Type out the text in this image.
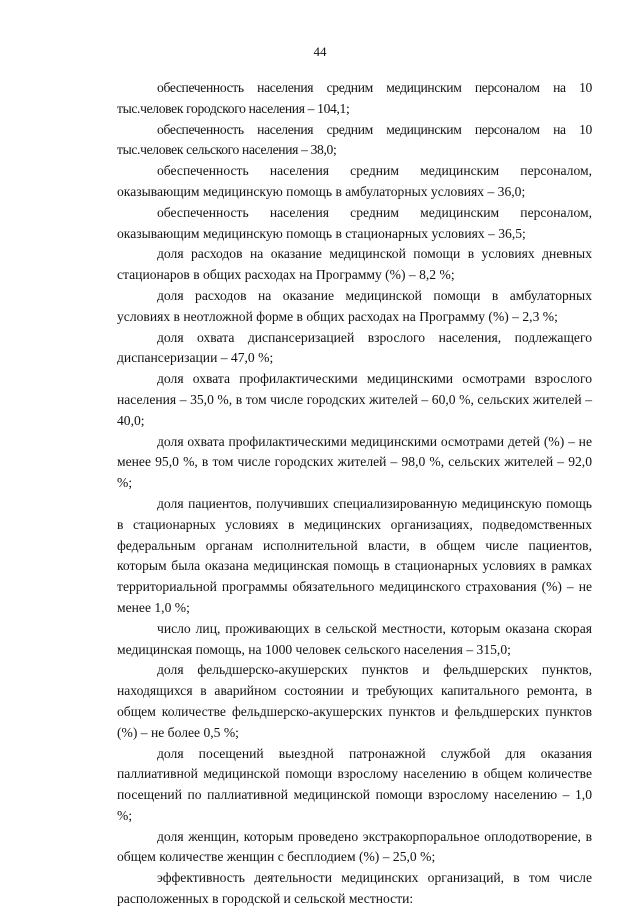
44

обеспеченность населения средним медицинским персоналом на 10 тыс.человек городского населения – 104,1;

обеспеченность населения средним медицинским персоналом на 10 тыс.человек сельского населения – 38,0;

обеспеченность населения средним медицинским персоналом, оказывающим медицинскую помощь в амбулаторных условиях – 36,0;

обеспеченность населения средним медицинским персоналом, оказывающим медицинскую помощь в стационарных условиях – 36,5;

доля расходов на оказание медицинской помощи в условиях дневных стационаров в общих расходах на Программу (%) – 8,2 %;

доля расходов на оказание медицинской помощи в амбулаторных условиях в неотложной форме в общих расходах на Программу (%) – 2,3 %;

доля охвата диспансеризацией взрослого населения, подлежащего диспансеризации – 47,0 %;

доля охвата профилактическими медицинскими осмотрами взрослого населения – 35,0 %, в том числе городских жителей – 60,0 %, сельских жителей – 40,0;

доля охвата профилактическими медицинскими осмотрами детей (%) – не менее 95,0 %, в том числе городских жителей – 98,0 %, сельских жителей – 92,0 %;

доля пациентов, получивших специализированную медицинскую помощь в стационарных условиях в медицинских организациях, подведомственных федеральным органам исполнительной власти, в общем числе пациентов, которым была оказана медицинская помощь в стационарных условиях в рамках территориальной программы обязательного медицинского страхования (%) – не менее 1,0 %;

число лиц, проживающих в сельской местности, которым оказана скорая медицинская помощь, на 1000 человек сельского населения – 315,0;

доля фельдшерско-акушерских пунктов и фельдшерских пунктов, находящихся в аварийном состоянии и требующих капитального ремонта, в общем количестве фельдшерско-акушерских пунктов и фельдшерских пунктов (%) – не более 0,5 %;

доля посещений выездной патронажной службой для оказания паллиативной медицинской помощи взрослому населению в общем количестве посещений по паллиативной медицинской помощи взрослому населению – 1,0 %;

доля женщин, которым проведено экстракорпоральное оплодотворение, в общем количестве женщин с бесплодием (%) – 25,0 %;

эффективность деятельности медицинских организаций, в том числе расположенных в городской и сельской местности:
